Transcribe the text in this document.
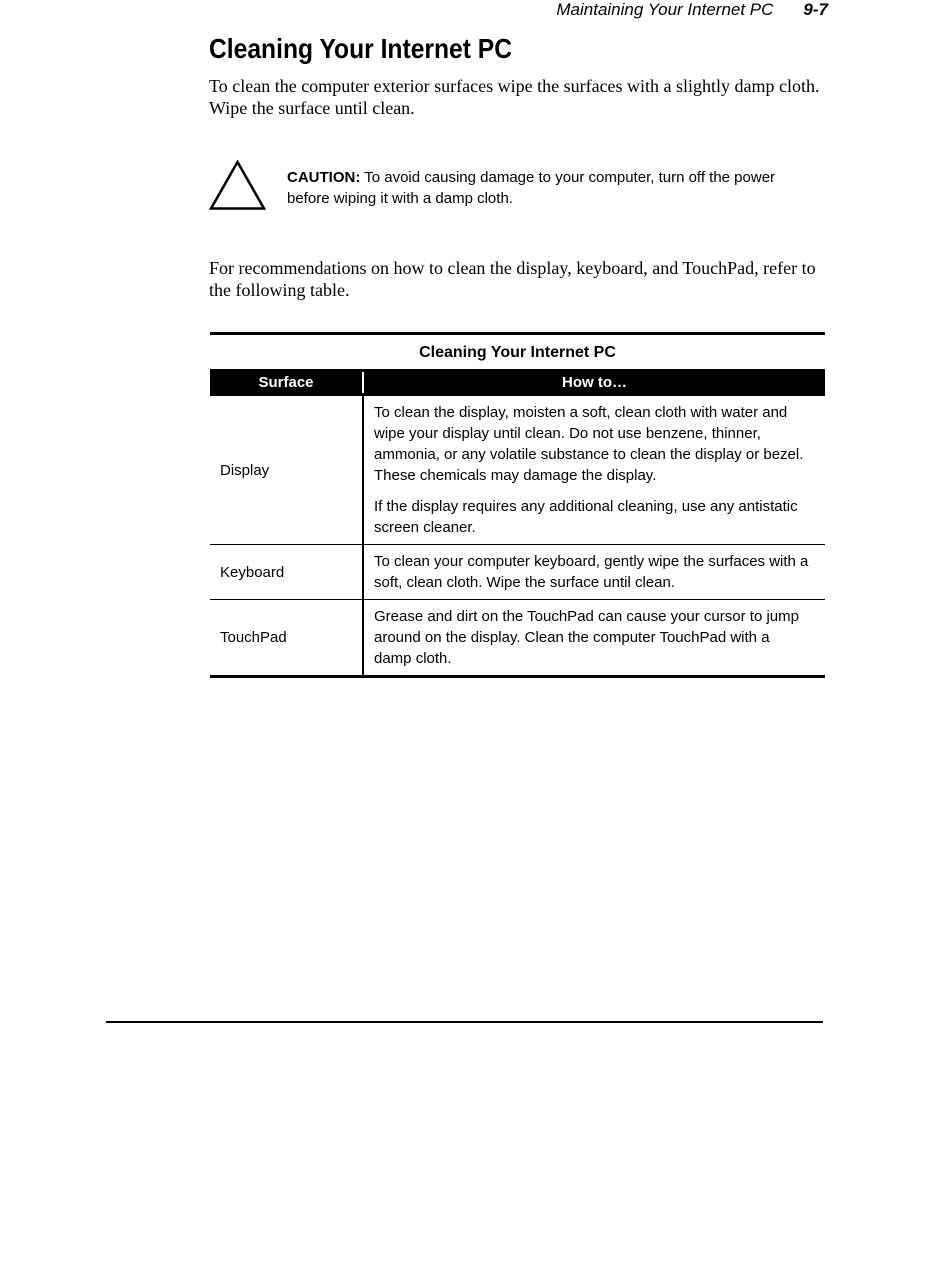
Maintaining Your Internet PC 9-7
Cleaning Your Internet PC

To clean the computer exterior surfaces wipe the surfaces with a slightly damp cloth. Wipe the surface until clean.

CAUTION: To avoid causing damage to your computer, turn off the power before wiping it with a damp cloth.

For recommendations on how to clean the display, keyboard, and TouchPad, refer to the following table.

Cleaning Your Internet PC
Surface	How to…
Display

To clean the display, moisten a soft, clean cloth with water and wipe your display until clean. Do not use benzene, thinner, ammonia, or any volatile substance to clean the display or bezel. These chemicals may damage the display.

If the display requires any additional cleaning, use any antistatic screen cleaner.

Keyboard

To clean your computer keyboard, gently wipe the surfaces with a soft, clean cloth. Wipe the surface until clean.

TouchPad

Grease and dirt on the TouchPad can cause your cursor to jump around on the display. Clean the computer TouchPad with a damp cloth.
